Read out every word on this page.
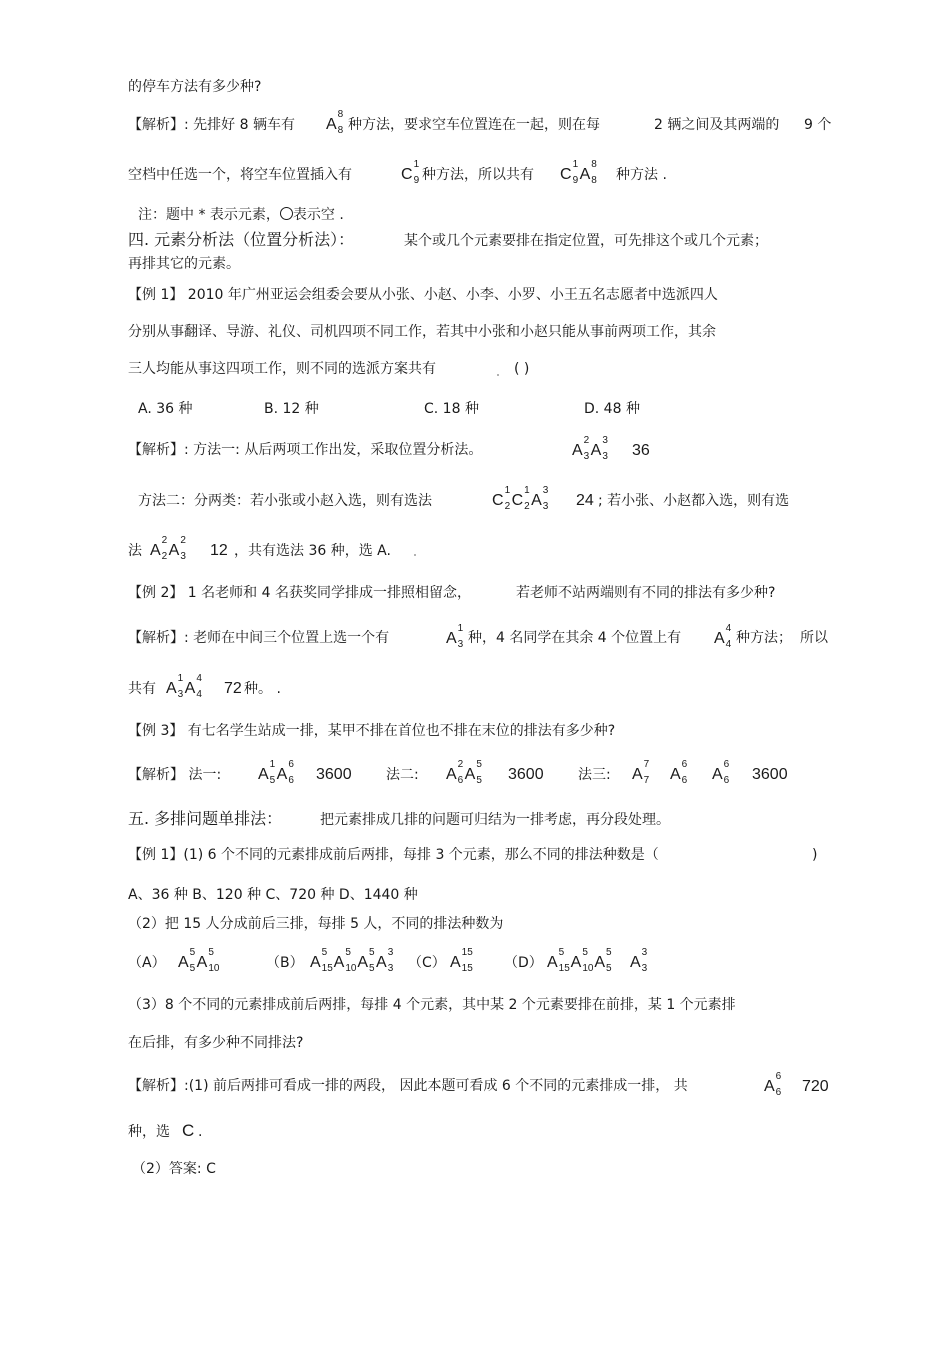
的停车方法有多少种?
【解析】: 先排好 8 辆车有 A
8
8 种方法，要求空车位置连在一起，则在每	2 辆之间及其两端的 9 个
空档中任选一个，将空车位置插入有	C
1
9 种方法，所以共有 C
1
9 A
8
8 种方法 .
注：题中 * 表示元素， 表示空 .
四. 元素分析法（位置分析法）：	某个或几个元素要排在指定位置，可先排这个或几个元素；
再排其它的元素。
【例 1】 2010 年广州亚运会组委会要从小张、小赵、小李、小罗、小王五名志愿者中选派四人
分别从事翻译、导游、礼仪、司机四项不同工作，若其中小张和小赵只能从事前两项工作，其余
三人均能从事这四项工作，则不同的选派方案共有	( )
A. 36 种	B. 12 种	C. 18 种	D. 48 种
【解析】: 方法一: 从后两项工作出发，采取位置分析法。	A
2
3 A
3
3 36
方法二：分两类：若小张或小赵入选，则有选法	C
1
2 C
1
2 A
3
3 24 ; 若小张、小赵都入选，则有选
法 A
2
2 A
2
3 12 ，共有选法 36 种，选 A.
【例 2】 1 名老师和 4 名获奖同学排成一排照相留念，	若老师不站两端则有不同的排法有多少种?
【解析】: 老师在中间三个位置上选一个有	A
1
3 种，4 名同学在其余 4 个位置上有 A
4
4 种方法； 所以
共有 A
1
3 A
4
4 72 种。 .
【例 3】 有七名学生站成一排，某甲不排在首位也不排在末位的排法有多少种?
【解析】 法一: A
1
5 A
6
6 3600 法二: A
2
6 A
5
5 3600 法三: A
7
7 A
6
6 A
6
6 3600
五. 多排问题单排法：	把元素排成几排的问题可归结为一排考虑，再分段处理。
【例 1】(1) 6 个不同的元素排成前后两排，每排 3 个元素，那么不同的排法种数是（	)
A、36 种 B、120 种 C、720 种 D、1440 种
（2）把 15 人分成前后三排，每排 5 人，不同的排法种数为
（A） A
5
5 A
5
10	（B） A
5
15 A
5
10 A
5
5 A
3
3 （C） A
15
15 （D） A
5
15 A
5
10 A
5
5 A
3
3
（3）8 个不同的元素排成前后两排，每排 4 个元素，其中某 2 个元素要排在前排，某 1 个元素排
在后排，有多少种不同排法?
【解析】:(1) 前后两排可看成一排的两段， 因此本题可看成 6 个不同的元素排成一排， 共	A
6
6 720
种，选 C .
（2）答案: C
